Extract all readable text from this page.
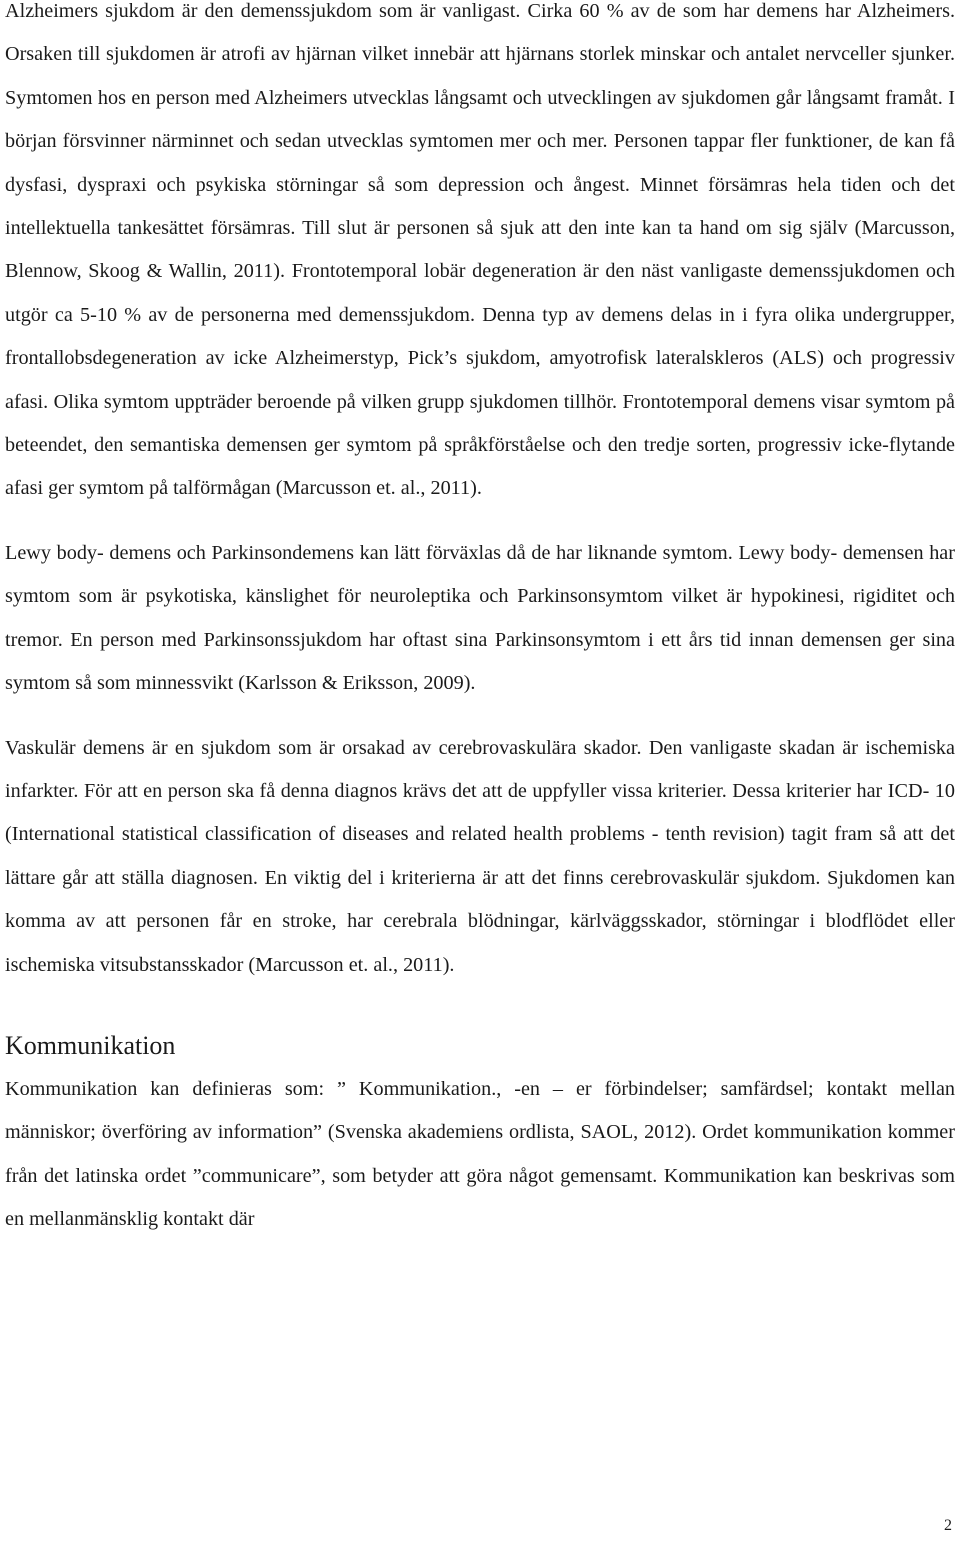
Alzheimers sjukdom är den demenssjukdom som är vanligast. Cirka 60 % av de som har demens har Alzheimers. Orsaken till sjukdomen är atrofi av hjärnan vilket innebär att hjärnans storlek minskar och antalet nervceller sjunker. Symtomen hos en person med Alzheimers utvecklas långsamt och utvecklingen av sjukdomen går långsamt framåt. I början försvinner närminnet och sedan utvecklas symtomen mer och mer. Personen tappar fler funktioner, de kan få dysfasi, dyspraxi och psykiska störningar så som depression och ångest. Minnet försämras hela tiden och det intellektuella tankesättet försämras. Till slut är personen så sjuk att den inte kan ta hand om sig själv (Marcusson, Blennow, Skoog & Wallin, 2011). Frontotemporal lobär degeneration är den näst vanligaste demenssjukdomen och utgör ca 5-10 % av de personerna med demenssjukdom. Denna typ av demens delas in i fyra olika undergrupper, frontallobsdegeneration av icke Alzheimerstyp, Pick’s sjukdom, amyotrofisk lateralskleros (ALS) och progressiv afasi. Olika symtom uppträder beroende på vilken grupp sjukdomen tillhör. Frontotemporal demens visar symtom på beteendet, den semantiska demensen ger symtom på språkförståelse och den tredje sorten, progressiv icke-flytande afasi ger symtom på talförmågan (Marcusson et. al., 2011).

Lewy body- demens och Parkinsondemens kan lätt förväxlas då de har liknande symtom. Lewy body- demensen har symtom som är psykotiska, känslighet för neuroleptika och Parkinsonsymtom vilket är hypokinesi, rigiditet och tremor. En person med Parkinsonssjukdom har oftast sina Parkinsonsymtom i ett års tid innan demensen ger sina symtom så som minnessvikt (Karlsson & Eriksson, 2009).

Vaskulär demens är en sjukdom som är orsakad av cerebrovaskulära skador. Den vanligaste skadan är ischemiska infarkter. För att en person ska få denna diagnos krävs det att de uppfyller vissa kriterier. Dessa kriterier har ICD- 10 (International statistical classification of diseases and related health problems - tenth revision) tagit fram så att det lättare går att ställa diagnosen. En viktig del i kriterierna är att det finns cerebrovaskulär sjukdom. Sjukdomen kan komma av att personen får en stroke, har cerebrala blödningar, kärlväggsskador, störningar i blodflödet eller ischemiska vitsubstansskador (Marcusson et. al., 2011).

Kommunikation

Kommunikation kan definieras som: ” Kommunikation., -en – er förbindelser; samfärdsel; kontakt mellan människor; överföring av information” (Svenska akademiens ordlista, SAOL, 2012). Ordet kommunikation kommer från det latinska ordet ”communicare”, som betyder att göra något gemensamt. Kommunikation kan beskrivas som en mellanmänsklig kontakt där

2
